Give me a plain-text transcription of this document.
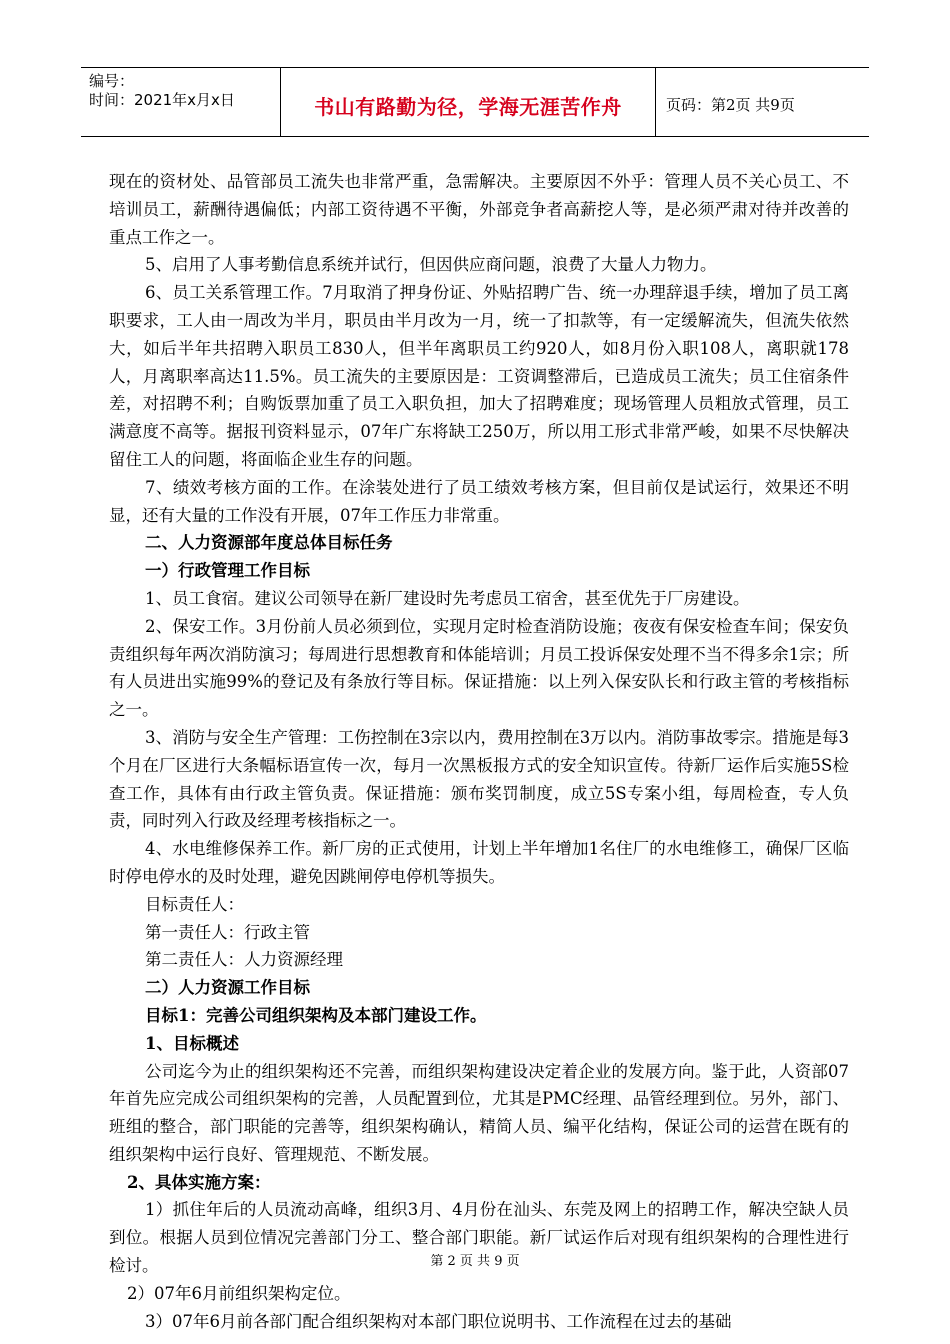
编号：
时间：2021年x月x日	书山有路勤为径，学海无涯苦作舟	页码：第2页 共9页

现在的资材处、品管部员工流失也非常严重，急需解决。主要原因不外乎：管理人员不关心员工、不培训员工，薪酬待遇偏低；内部工资待遇不平衡，外部竞争者高薪挖人等，是必须严肃对待并改善的重点工作之一。

5、启用了人事考勤信息系统并试行，但因供应商问题，浪费了大量人力物力。

6、员工关系管理工作。7月取消了押身份证、外贴招聘广告、统一办理辞退手续，增加了员工离职要求，工人由一周改为半月，职员由半月改为一月，统一了扣款等，有一定缓解流失，但流失依然大，如后半年共招聘入职员工830人，但半年离职员工约920人，如8月份入职108人，离职就178人，月离职率高达11.5%。员工流失的主要原因是：工资调整滞后，已造成员工流失；员工住宿条件差，对招聘不利；自购饭票加重了员工入职负担，加大了招聘难度；现场管理人员粗放式管理，员工满意度不高等。据报刊资料显示，07年广东将缺工250万，所以用工形式非常严峻，如果不尽快解决留住工人的问题，将面临企业生存的问题。

7、绩效考核方面的工作。在涂装处进行了员工绩效考核方案，但目前仅是试运行，效果还不明显，还有大量的工作没有开展，07年工作压力非常重。

二、人力资源部年度总体目标任务

一）行政管理工作目标

1、员工食宿。建议公司领导在新厂建设时先考虑员工宿舍，甚至优先于厂房建设。

2、保安工作。3月份前人员必须到位，实现月定时检查消防设施；夜夜有保安检查车间；保安负责组织每年两次消防演习；每周进行思想教育和体能培训；月员工投诉保安处理不当不得多余1宗；所有人员进出实施99%的登记及有条放行等目标。保证措施：以上列入保安队长和行政主管的考核指标之一。

3、消防与安全生产管理：工伤控制在3宗以内，费用控制在3万以内。消防事故零宗。措施是每3个月在厂区进行大条幅标语宣传一次，每月一次黑板报方式的安全知识宣传。待新厂运作后实施5S检查工作，具体有由行政主管负责。保证措施：颁布奖罚制度，成立5S专案小组，每周检查，专人负责，同时列入行政及经理考核指标之一。

4、水电维修保养工作。新厂房的正式使用，计划上半年增加1名住厂的水电维修工，确保厂区临时停电停水的及时处理，避免因跳闸停电停机等损失。

目标责任人：

第一责任人：行政主管

第二责任人：人力资源经理

二）人力资源工作目标

目标1：完善公司组织架构及本部门建设工作。

1、目标概述

公司迄今为止的组织架构还不完善，而组织架构建设决定着企业的发展方向。鉴于此，人资部07年首先应完成公司组织架构的完善，人员配置到位，尤其是PMC经理、品管经理到位。另外，部门、班组的整合，部门职能的完善等，组织架构确认，精简人员、编平化结构，保证公司的运营在既有的组织架构中运行良好、管理规范、不断发展。

2、具体实施方案：

1）抓住年后的人员流动高峰，组织3月、4月份在汕头、东莞及网上的招聘工作，解决空缺人员到位。根据人员到位情况完善部门分工、整合部门职能。新厂试运作后对现有组织架构的合理性进行检讨。

2）07年6月前组织架构定位。

3）07年6月前各部门配合组织架构对本部门职位说明书、工作流程在过去的基础

第 2 页 共 9 页
